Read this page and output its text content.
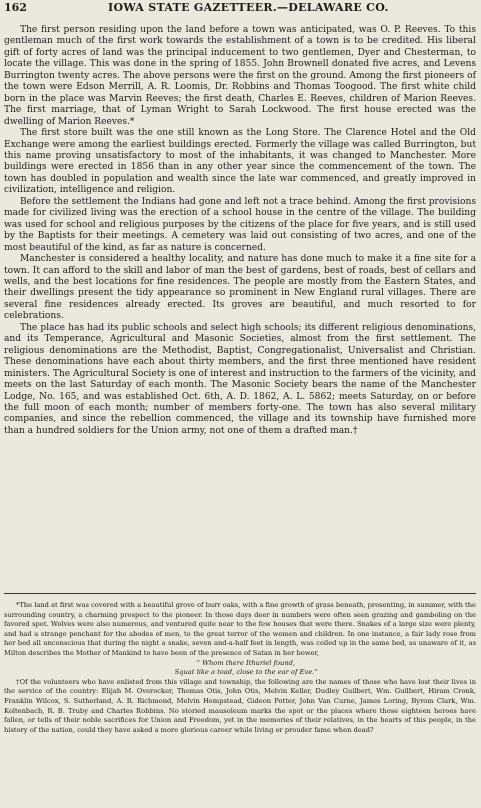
162	IOWA STATE GAZETTEER.—DELAWARE CO.

The first person residing upon the land before a town was anticipated, was O. P. Reeves. To this gentleman much of the first work towards the establishment of a town is to be credited. His liberal gift of forty acres of land was the principal inducement to two gentlemen, Dyer and Chesterman, to locate the village. This was done in the spring of 1855. John Brownell donated five acres, and Levens Burrington twenty acres. The above persons were the first on the ground. Among the first pioneers of the town were Edson Merrill, A. R. Loomis, Dr. Robbins and Thomas Toogood. The first white child born in the place was Marvin Reeves; the first death, Charles E. Reeves, children of Marion Reeves. The first marriage, that of Lyman Wright to Sarah Lockwood. The first house erected was the dwelling of Marion Reeves.*

The first store built was the one still known as the Long Store. The Clarence Hotel and the Old Exchange were among the earliest buildings erected. Formerly the village was called Burrington, but this name proving unsatisfactory to most of the inhabitants, it was changed to Manchester. More buildings were erected in 1856 than in any other year since the commencement of the town. The town has doubled in population and wealth since the late war commenced, and greatly improved in civilization, intelligence and religion.

Before the settlement the Indians had gone and left not a trace behind. Among the first provisions made for civilized living was the erection of a school house in the centre of the village. The building was used for school and religious purposes by the citizens of the place for five years, and is still used by the Baptists for their meetings. A cemetery was laid out consisting of two acres, and one of the most beautiful of the kind, as far as nature is concerned.

Manchester is considered a healthy locality, and nature has done much to make it a fine site for a town. It can afford to the skill and labor of man the best of gardens, best of roads, best of cellars and wells, and the best locations for fine residences. The people are mostly from the Eastern States, and their dwellings present the tidy appearance so prominent in New England rural villages. There are several fine residences already erected. Its groves are beautiful, and much resorted to for celebrations.

The place has had its public schools and select high schools; its different religious denominations, and its Temperance, Agricultural and Masonic Societies, almost from the first settlement. The religious denominations are the Methodist, Baptist, Congregationalist, Universalist and Christian. These denominations have each about thirty members, and the first three mentioned have resident ministers. The Agricultural Society is one of interest and instruction to the farmers of the vicinity, and meets on the last Saturday of each month. The Masonic Society bears the name of the Manchester Lodge, No. 165, and was established Oct. 6th, A. D. 1862, A. L. 5862; meets Saturday, on or before the full moon of each month; number of members forty-one. The town has also several military companies, and since the rebellion commenced, the village and its township have furnished more than a hundred soldiers for the Union army, not one of them a drafted man.†

*The land at first was covered with a beautiful grove of burr oaks, with a fine growth of grass beneath, presenting, in summer, with the surrounding country, a charming prospect to the pioneer. In those days deer in numbers were often seen grazing and gamboling on the favored spot. Wolves were also numerous, and ventured quite near to the few houses that were there. Snakes of a large size were plenty, and had a strange penchant for the abodes of men, to the great terror of the women and children. In one instance, a fair lady rose from her bed all unconscious that during the night a snake, seven and-a-half feet in length, was coiled up in the same bed, as unaware of it, as Milton describes the Mother of Mankind to have been of the presence of Satan in her bower,

" Whom there Ithuriel found,

Squat like a toad, close to the ear of Eve."

†Of the volunteers who have enlisted from this village and township, the following are the names of those who have lost their lives in the service of the country: Elijah M. Overocker, Thomas Otis, John Otis, Melvin Keller, Dudley Guilbert, Wm. Guilbert, Hiram Cronk, Franklin Wilcox, S. Sutherland, A. R. Richmond, Melvin Hempstead, Gideon Potter, John Van Curne, James Loring, Byrom Clark, Wm. Koltenbach, R. B. Truby and Charles Robbins. No storied mausoleum marks the spot or the places where those eighteen heroes have fallen, or tells of their noble sacrifices for Union and Freedom, yet in the memories of their relatives, in the hearts of this people, in the history of the nation, could they have asked a more glorious career while living or prouder fame when dead?
